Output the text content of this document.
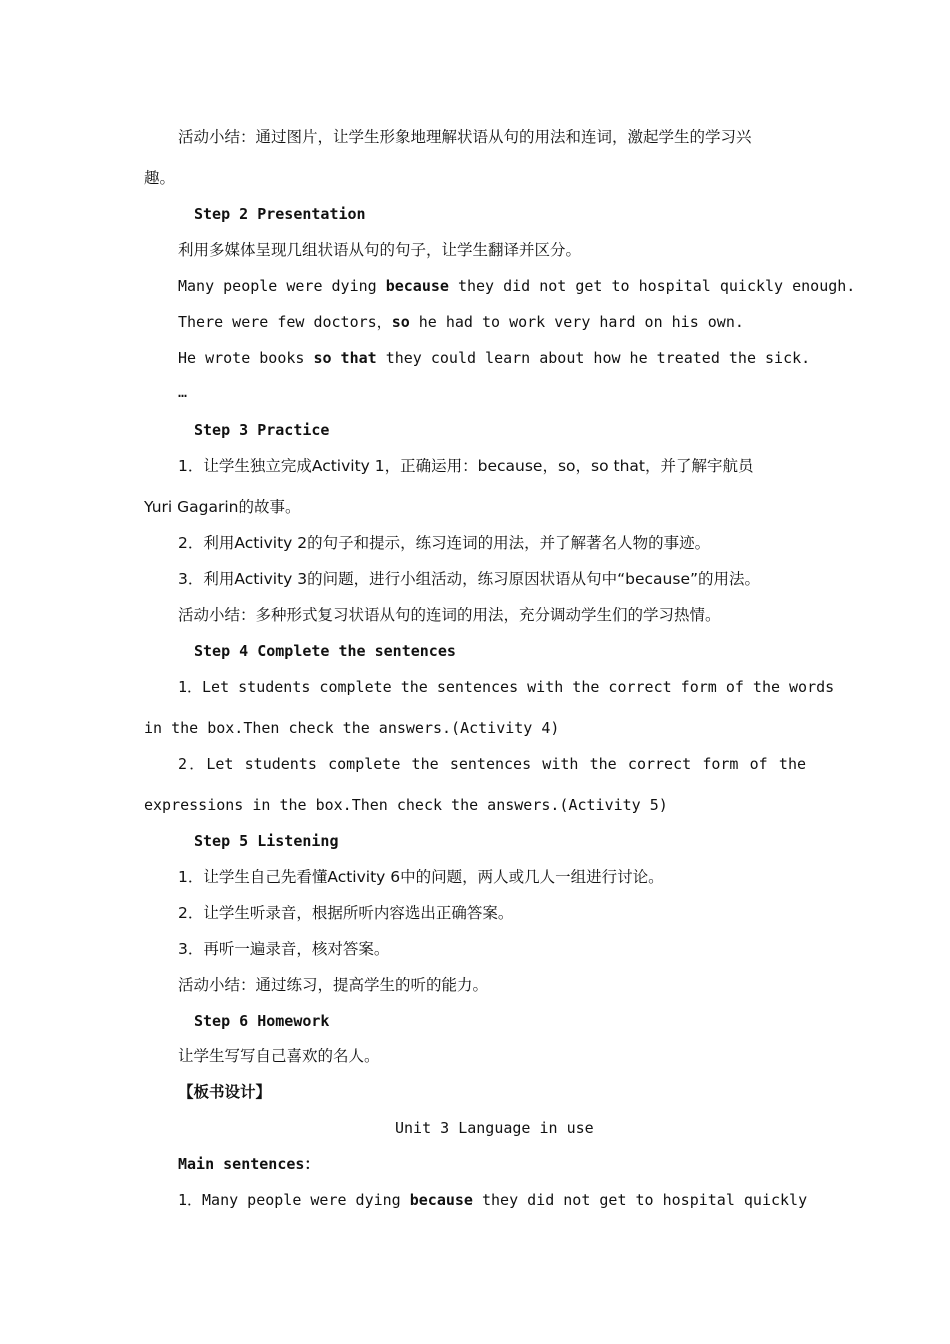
活动小结：通过图片，让学生形象地理解状语从句的用法和连词，激起学生的学习兴
趣。
Step 2 Presentation
利用多媒体呈现几组状语从句的句子，让学生翻译并区分。
Many people were dying because they did not get to hospital quickly enough.
There were few doctors，so he had to work very hard on his own.
He wrote books so that they could learn about how he treated the sick.
…
Step 3 Practice
1．让学生独立完成Activity 1，正确运用：because，so，so that，并了解宇航员
Yuri Gagarin的故事。
2．利用Activity 2的句子和提示，练习连词的用法，并了解著名人物的事迹。
3．利用Activity 3的问题，进行小组活动，练习原因状语从句中“because”的用法。
活动小结：多种形式复习状语从句的连词的用法，充分调动学生们的学习热情。
Step 4 Complete the sentences
1．Let students complete the sentences with the correct form of the words
in the box.Then check the answers.(Activity 4)
2．Let students complete the sentences with the correct form of the
expressions in the box.Then check the answers.(Activity 5)
Step 5 Listening
1．让学生自己先看懂Activity 6中的问题，两人或几人一组进行讨论。
2．让学生听录音，根据所听内容选出正确答案。
3．再听一遍录音，核对答案。
活动小结：通过练习，提高学生的听的能力。
Step 6 Homework
让学生写写自己喜欢的名人。
【板书设计】
Unit 3 Language in use
Main sentences：
1．Many people were dying because they did not get to hospital quickly
